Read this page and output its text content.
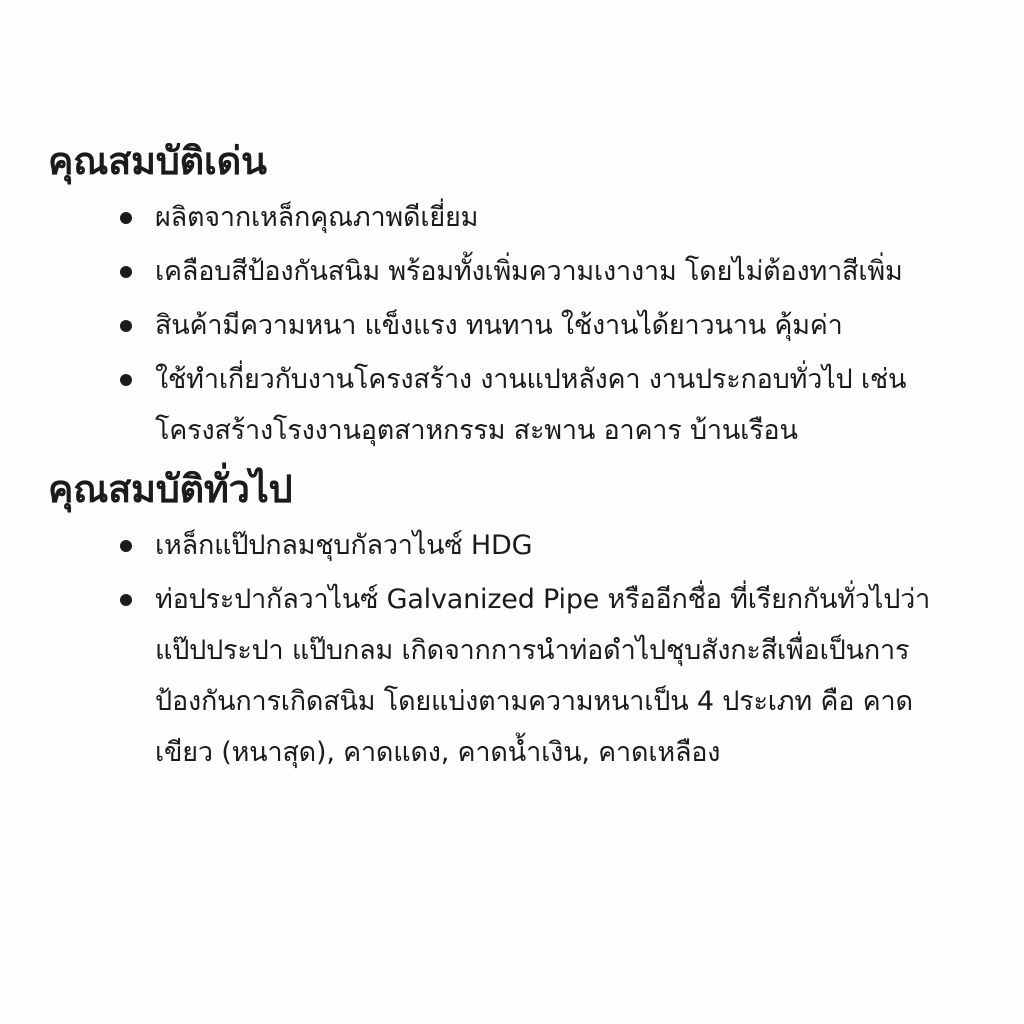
คุณสมบัติเด่น
ผลิตจากเหล็กคุณภาพดีเยี่ยม
เคลือบสีป้องกันสนิม พร้อมทั้งเพิ่มความเงางาม โดยไม่ต้องทาสีเพิ่ม
สินค้ามีความหนา แข็งแรง ทนทาน ใช้งานได้ยาวนาน คุ้มค่า
ใช้ทำเกี่ยวกับงานโครงสร้าง งานแปหลังคา งานประกอบทั่วไป เช่น โครงสร้างโรงงานอุตสาหกรรม สะพาน อาคาร บ้านเรือน
คุณสมบัติทั่วไป
เหล็กแป๊ปกลมชุบกัลวาไนซ์ HDG
ท่อประปากัลวาไนซ์ Galvanized Pipe หรืออีกชื่อ ที่เรียกกันทั่วไปว่า แป๊ปประปา แป๊บกลม เกิดจากการนำท่อดำไปชุบสังกะสีเพื่อเป็นการป้องกันการเกิดสนิม โดยแบ่งตามความหนาเป็น 4 ประเภท คือ คาดเขียว (หนาสุด), คาดแดง, คาดน้ำเงิน, คาดเหลือง
